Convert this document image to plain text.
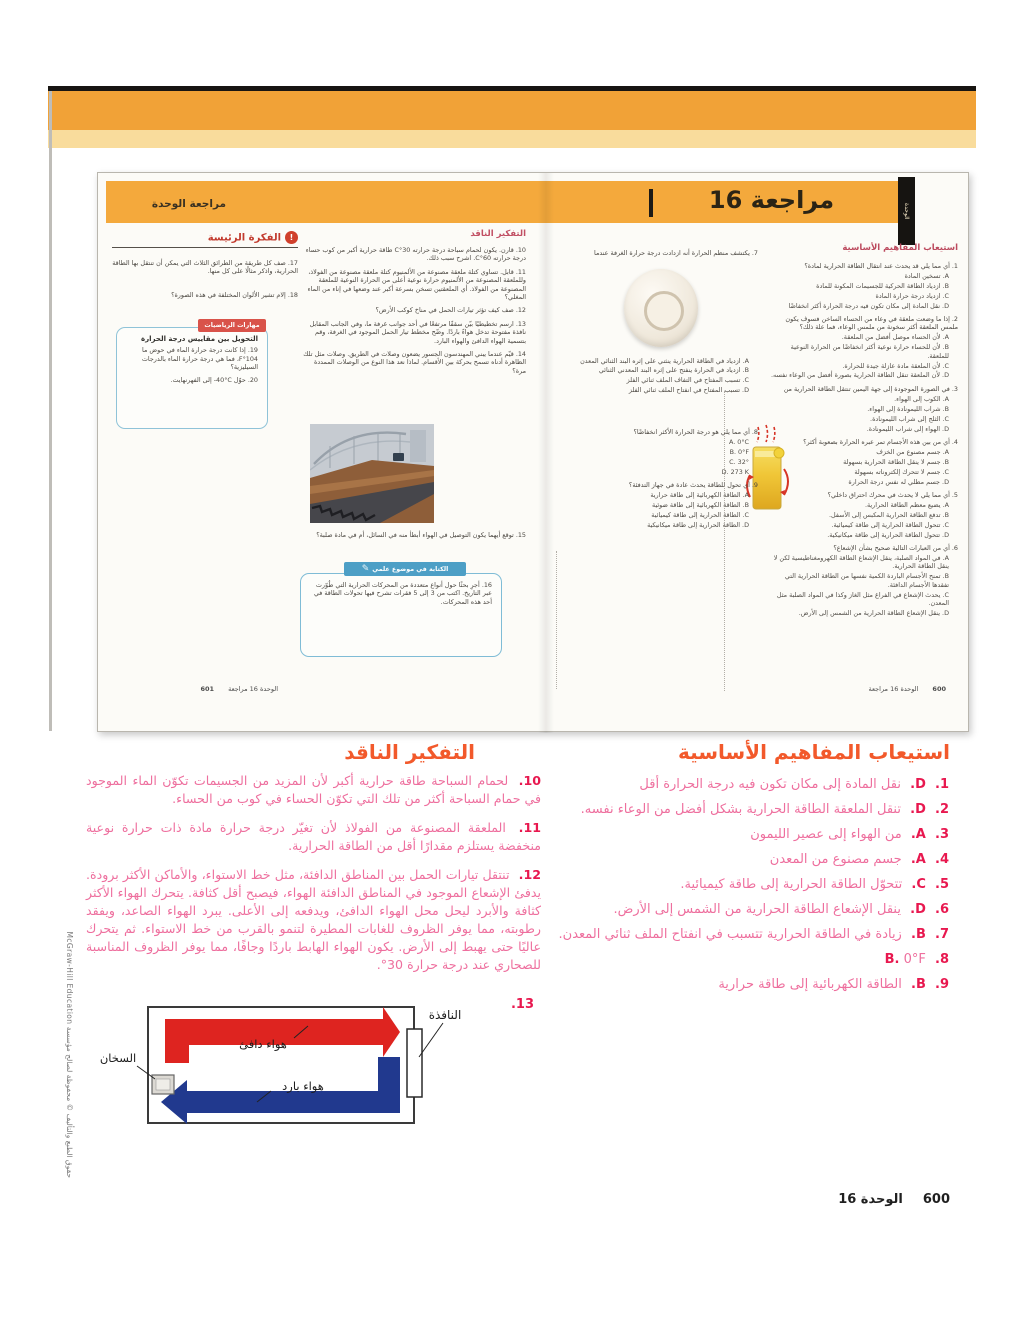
الوحدة
مراجعة 16
مراجعة الوحدة
استيعاب المفاهيم الأساسية
1. أي مما يلي قد يحدث عند انتقال الطاقة الحرارية لمادة؟
A. تسخين المادة
B. ازدياد الطاقة الحركية للجسيمات المكونة للمادة
C. ازدياد درجة حرارة المادة
D. نقل المادة إلى مكان تكون فيه درجة الحرارة أكثر انخفاضًا
2. إذا ما وضعت ملعقة في وعاء من الحساء الساخن فسوف يكون ملمس الملعقة أكثر سخونة من ملمس الوعاء، فما علة ذلك؟
A. لأن الحساء موصل أفضل من الملعقة.
B. لأن للحساء حرارة نوعية أكثر انخفاضًا من الحرارة النوعية للملعقة.
C. لأن الملعقة مادة عازلة جيدة للحرارة.
D. لأن الملعقة تنقل الطاقة الحرارية بصورة أفضل من الوعاء نفسه.
3. في الصورة الموجودة إلى جهة اليمين تنتقل الطاقة الحرارية من
A. الكوب إلى الهواء.
B. شراب الليمونادة إلى الهواء.
C. الثلج إلى شراب الليمونادة.
D. الهواء إلى شراب الليمونادة.
4. أي من بين هذه الأجسام تمر عبره الحرارة بصعوبة أكثر؟
A. جسم مصنوع من الخزف
B. جسم لا ينقل الطاقة الحرارية بسهولة
C. جسم لا تتحرك إلكتروناته بسهولة
D. جسم مطلي له نفس درجة الحرارة
5. أي مما يلي لا يحدث في محرك احتراق داخلي؟
A. يضيع معظم الطاقة الحرارية.
B. تدفع الطاقة الحرارية المكبس إلى الأسفل.
C. تتحول الطاقة الحرارية إلى طاقة كيميائية.
D. تتحول الطاقة الحرارية إلى طاقة ميكانيكية.
6. أي من العبارات التالية صحيح بشأن الإشعاع؟
A. في المواد الصلبة، ينقل الإشعاع الطاقة الكهرومغناطيسية لكن لا ينقل الطاقة الحرارية.
B. تمنح الأجسام الباردة الكمية نفسها من الطاقة الحرارية التي تفقدها الأجسام الدافئة.
C. يحدث الإشعاع في الفراغ مثل الغاز وكذا في المواد الصلبة مثل المعدن.
D. ينقل الإشعاع الطاقة الحرارية من الشمس إلى الأرض.
7. يكتشف منظم الحرارة أنه ازدادت درجة حرارة الغرفة عندما
A. ازدياد في الطاقة الحرارية ينثني على إثره البند الثنائي المعدن
B. ازدياد في الحرارة ينفتح على إثره البند المعدني الثنائي
C. تسبب المفتاح في التفاف الملف ثنائي الفلز
D. تسبب المفتاح في انفتاح الملف ثنائي الفلز
8. أي مما يلي هو درجة الحرارة الأكثر انخفاضًا؟
A. 0°C
B. 0°F
C. 32°
D. 273 K
9. أي تحول للطاقة يحدث عادة في جهاز التدفئة؟
A. الطاقة الكهربائية إلى طاقة حرارية
B. الطاقة الكهربائية إلى طاقة ضوئية
C. الطاقة الحرارية إلى طاقة كيميائية
D. الطاقة الحرارية إلى طاقة ميكانيكية
التفكير الناقد
10. قارن. يكون لحمام سباحة درجة حرارته 30°C طاقة حرارية أكبر من كوب حساء درجة حرارته 60°C. اشرح سبب ذلك.
11. قابل. تساوي كتلة ملعقة مصنوعة من الألمنيوم كتلة ملعقة مصنوعة من الفولاذ، وللملعقة المصنوعة من الألمنيوم حرارة نوعية أعلى من الحرارة النوعية للملعقة المصنوعة من الفولاذ. أي الملعقتين تسخن بسرعة أكبر عند وضعها في إناء من الماء المغلي؟
12. صف كيف تؤثر تيارات الحمل في مناخ كوكب الأرض؟
13. ارسم تخطيطيًا بيّن سقفًا مرتفعًا في أحد جوانب غرفة ما، وفي الجانب المقابل نافذة مفتوحة تدخل هواءً باردًا. وضّح مخطط تيار الحمل الموجود في الغرفة، وقم بتسمية الهواء الدافئ والهواء البارد.
14. قيّم عندما يبني المهندسون الجسور يضعون وصلات في الطريق. وصلات مثل تلك الظاهرة أدناه تسمح بحركة بين الأقسام. لماذا نعد هذا النوع من الوصلات الممددة مرة؟
15. توقع أيهما يكون التوصيل في الهواء أبطأ منه في السائل، أم في مادة صلبة؟
16. أجرِ بحثًا حول أنواع متعددة من المحركات الحرارية التي طُوّرت عبر التاريخ. اكتب من 3 إلى 5 فقرات تشرح فيها تحولات الطاقة في أحد هذه المحركات.
الكتابة في موضوع علمي
✎
!الفكرة الرئيسة
17. صف كل طريقة من الطرائق الثلاث التي يمكن أن تنتقل بها الطاقة الحرارية، واذكر مثالًا على كل منها.
18. إلام تشير الألوان المختلفة في هذه الصورة؟
التحويل بين مقاييس درجة الحرارة
19. إذا كانت درجة حرارة الماء في حوض ما 104°F، فما هي درجة حرارة الماء بالدرجات السيليزية؟
20. حوّل ‎-40°C‎ إلى الفهرنهايت.
مهارات الرياضيات
الوحدة 16 مراجعة601	600الوحدة 16 مراجعة
استيعاب المفاهيم الأساسية
1. D. نقل المادة إلى مكان تكون فيه درجة الحرارة أقل
2. D. تنقل الملعقة الطاقة الحرارية بشكل أفضل من الوعاء نفسه.
3. A. من الهواء إلى عصير الليمون
4. A. جسم مصنوع من المعدن
5. C. تتحوّل الطاقة الحرارية إلى طاقة كيميائية.
6. D. ينقل الإشعاع الطاقة الحرارية من الشمس إلى الأرض.
7. B. زيادة في الطاقة الحرارية تتسبب في انفتاح الملف ثنائي المعدن.
8. B. 0°F
9. B. الطاقة الكهربائية إلى طاقة حرارية
التفكير الناقد
10. لحمام السباحة طاقة حرارية أكبر لأن المزيد من الجسيمات تكوّن الماء الموجود في حمام السباحة أكثر من تلك التي تكوّن الحساء في كوب من الحساء.
11. الملعقة المصنوعة من الفولاذ لأن تغيّر درجة حرارة مادة ذات حرارة نوعية منخفضة يستلزم مقدارًا أقل من الطاقة الحرارية.
12. تنتقل تيارات الحمل بين المناطق الدافئة، مثل خط الاستواء، والأماكن الأكثر برودة. يدفئ الإشعاع الموجود في المناطق الدافئة الهواء، فيصبح أقل كثافة. يتحرك الهواء الأكثر كثافة والأبرد ليحل محل الهواء الدافئ، ويدفعه إلى الأعلى. يبرد الهواء الصاعد، ويفقد رطوبته، مما يوفر الظروف للغابات المطيرة لتنمو بالقرب من خط الاستواء. ثم يتحرك عاليًا حتى يهبط إلى الأرض. يكون الهواء الهابط باردًا وجافًا، مما يوفر الظروف المناسبة للصحاري عند درجة حرارة 30°.
13.
النافذة
هواء دافئ
هواء بارد
السخان
600الوحدة 16
حقوق الطبع والتأليف © محفوظة لصالح مؤسسة McGraw-Hill Education
